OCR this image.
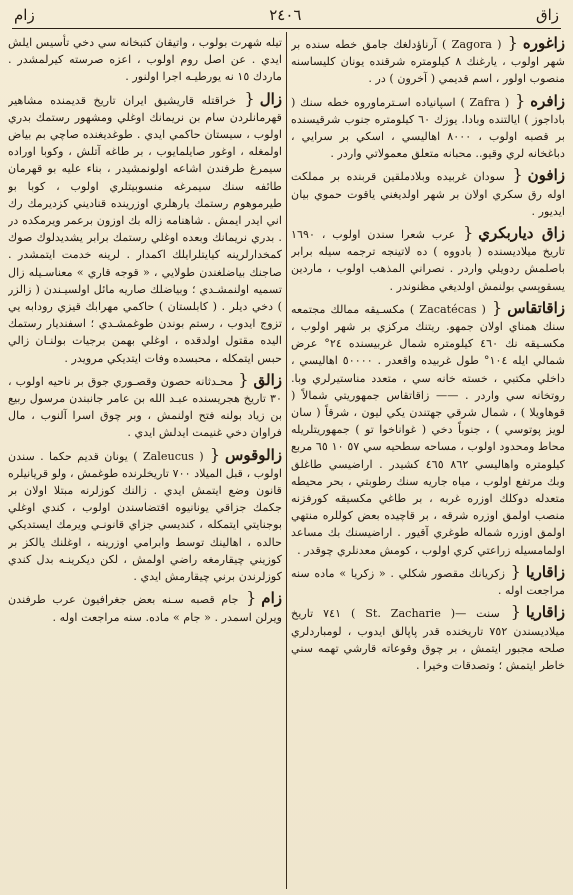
زاق
٢٤٠٦
زام
زاغوره{ ( Zagora ) آرناؤدلغك جامق خطه سنده بر شهر اولوب ، يارغنك ٨ كيلومتره شرقنده يونان كليساسنه منصوب اولور ، اسم قديمي ( آخرون ) در .
زافره{ ( Zafra ) اسپانياده اسـترماوروه خطه سنك ( باداجوز ) ايالتنده وبادا. يوزك ٦٠ كيلومتره جنوب شرقيسنده بر قصبه اولوب ، ٨٠٠٠ اهاليسي ، اسكي بر سرايي ، دباغخانه لري وقيو.. محبانه متعلق معمولاتي واردر .
زافون{ سودان غربيده وبلادملقين قربنده بر مملكت اوله رق سكري اولان بر شهر اولديغني ياقوت حموي بيان ايديور .
زاق دياربكري{ عرب شعرا سندن اولوب ، ١٦٩٠ تاريخ ميلاديسنده ( بادووه ) ده لاتينجه ترجمه سيله برابر باصلمش ردويلي واردر . نصراني المذهب اولوب ، ماردين يسقوپسي بولنمش اولديغي مظنوندر .
زاقاتقاس{ ( Zacatécas ) مكسـيقه ممالك مجتمعه سنك همناي اولان جمهو. ريتنك مركزي بر شهر اولوب ، مكسـيقه نك ٤٦٠ كيلومتره شمال غربيسنده ٢٤° عرض شمالي ايله ١٠٤° طول غربيده واقعدر . ٥٠٠٠٠ اهاليسي ، داخلي مكتبي ، خسته خانه سي ، متعدد مناستيرلري وبا. روتخانه سي واردر . —— زاقاتقاس جمهوريتي شمالاً ( قوهاويلا ) ، شمال شرقي جهتندن يكي ليون ، شرقاً ( سان لويز پوتوسي ) ، جنوباً دخي ( غواناخوا تو ) جمهوريتلريله محاط ومحدود اولوب ، مساحه سطحيه سي ٥٧ ١٠ ٦٥ مربع كيلومتره واهاليسي ٨٦٢ ٤٦٥ كشيدر . اراضيسي طاغلق وبك مرتفع اولوب ، مياه جاريه سنك رطوبتي ، بحر محيطه متعدله دوكلك اوزره غربه ، بر طاغي مكسيقه كورفزنه منصب اولمق اوزره شرقه ، بر قاچيده بعض كوللره منتهي اولمق اوزره شماله طوغري آقيور . اراضيسنك بك مساعد اولمامسيله زراعتي كري اولوب ، كومش معدنلري چوقدر .
زاقاريا{ زكريانك مقصور شكلي . « زكريا » ماده سنه مراجعت اوله .
زاقاريا{ سنت —( St. Zacharie ) ٧٤١ تاريخ ميلاديسندن ٧٥٢ تاريخنده قدر پاپالق ايدوب ، لومباردلري صلحه مجبور ايتمش ، بر چوق وقوعاته قارشي تهمه سني خاطر ايتمش ؛ وتصدقات وخيرا .
تيله شهرت بولوب ، واتيقان كتبخانه سي دخي تأسيس ايلش ايدي . عن اصل روم اولوب ، اعزه صرسته كيرلمشدر . ماردك ١٥ نه يورطيـه اجرا اولنور .
زال{ خراقتله قاريشيق ايران تاريخ قديمنده مشاهير قهرمانلردن سام بن نريمانك اوغلي ومشهور رستمك بدري اولوب ، سيستان حاكمي ايدي . طوغديغنده صاچي بم بياض اولمغله ، اوغور صايلمايوب ، بر طاغه آتلش ، وكوبا اوراده سيمرغ طرفندن اشاعه اولونمشيدر ، بناء عليه بو قهرمان طائفه سنك سيمرغه منسوبيتلري اولوب ، كوبا بو طيرموهوم رستمك يارهلري اوزرينده قناديني كزديرمك رك اني ايدر ايمش . شاهنامه زاله بك اوزون برعمر ويرمكده در . بدري نريمانك وبعده اوغلي رستمك برابر يشديدلوك صوك كمخدارلرينه كيايتلرايلك اكمدار . لرينه خدمت ايتمشدر . صاجنك بياضلغندن طولايي ، « قوجه قاري » معناسـيله زال تسميه اولنمشـدي ؛ وبياضلك صاريه مائل اولسيـندن ( زالزر ) دخي ديلر . ( كابلستان ) حاكمي مهرابك قيزي رودابه يي تزوج ايدوب ، رستم بوندن طوغمشـدي ؛ اسفنديار رستمك اليده مقتول اولدقده ، اوغلي بهمن برجيات بولنـان زالي حبس ايتمكله ، محبسده وفات ايتديكي مرويدر .
زالق{ محـدثانه حصون وقصـوري جوق بر ناحيه اولوب ، ٣٠ تاريخ هجريسنده عبـد الله بن عامر جانبندن مرسول ربيع بن زياد بولنه فتح اولنمش ، وبر چوق اسرا آلنوب ، مال فراوان دخي غنيمت ايدلش ايدي .
زالوقوس{ ( Zaleucus ) يونان قديم حكما . سندن اولوب ، قبل الميلاد ٧٠٠ تاريخلرنده طوغمش ، ولو قريانيلره قانون وضع ايتمش ايدي . زالنك كوزلرنه مبتلا اولان بر جكمك جزاقي يونانيوه اقتضاسندن اولوب ، كندي اوغلي بوجنايتي ايتمكله ، كنديسي جزاي قانونـي ويرمك ايستديكي حالده ، اهالينك توسط وابرامي اوزرينه ، اوغلنك يالكز بر كوزيني چيقارمغه راضي اولمش ، لكن ديكرينـه بدل كندي كوزلرندن برني چيقارمش ايدي .
زام{ جام قصبه سـنه بعض جغرافيون عرب طرفندن ويرلن اسمدر . « جام » ماده. سنه مراجعت اوله .
